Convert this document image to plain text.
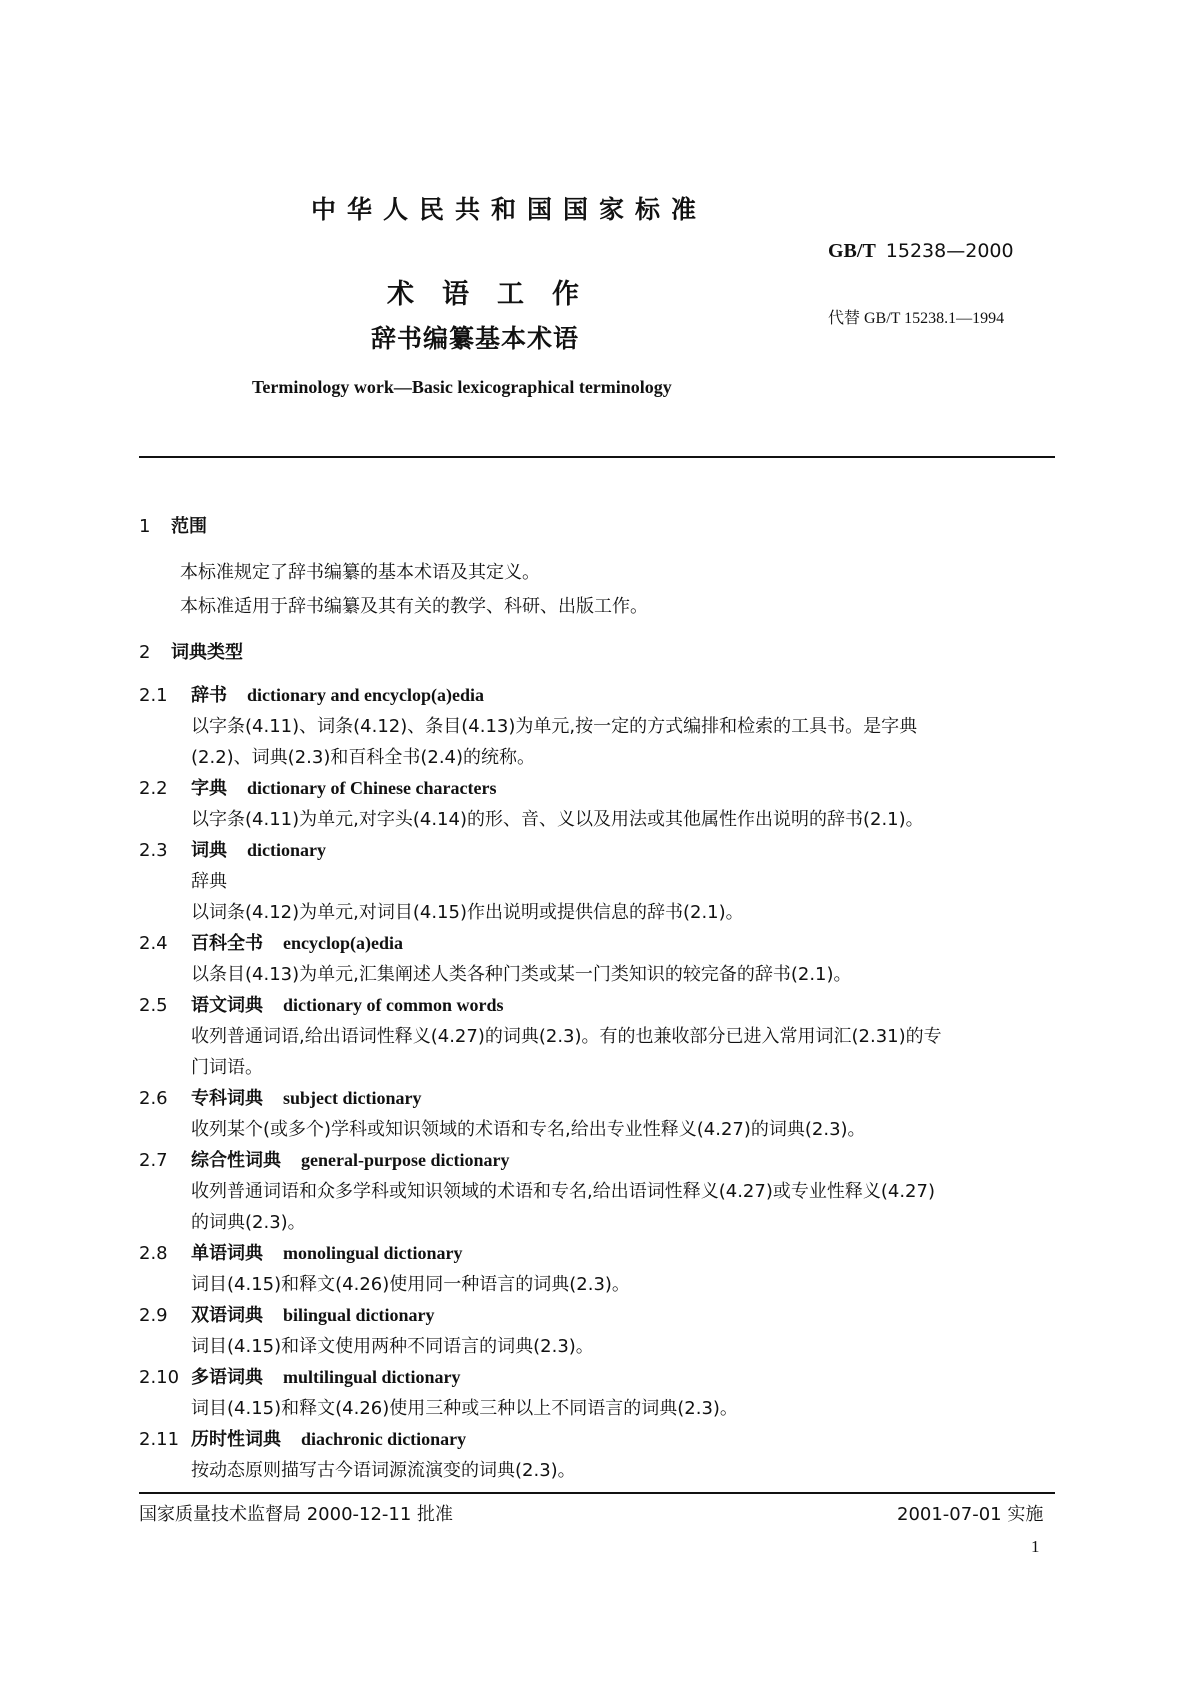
中华人民共和国国家标准
GB/T 15238—2000
代替 GB/T 15238.1—1994
术语工作
辞书编纂基本术语
Terminology work—Basic lexicographical terminology
1 范围
本标准规定了辞书编纂的基本术语及其定义。
本标准适用于辞书编纂及其有关的教学、科研、出版工作。
2 词典类型
2.1 辞书 dictionary and encyclop(a)edia
以字条(4.11)、词条(4.12)、条目(4.13)为单元,按一定的方式编排和检索的工具书。是字典
(2.2)、词典(2.3)和百科全书(2.4)的统称。
2.2 字典 dictionary of Chinese characters
以字条(4.11)为单元,对字头(4.14)的形、音、义以及用法或其他属性作出说明的辞书(2.1)。
2.3 词典 dictionary
辞典
以词条(4.12)为单元,对词目(4.15)作出说明或提供信息的辞书(2.1)。
2.4 百科全书 encyclop(a)edia
以条目(4.13)为单元,汇集阐述人类各种门类或某一门类知识的较完备的辞书(2.1)。
2.5 语文词典 dictionary of common words
收列普通词语,给出语词性释义(4.27)的词典(2.3)。有的也兼收部分已进入常用词汇(2.31)的专
门词语。
2.6 专科词典 subject dictionary
收列某个(或多个)学科或知识领域的术语和专名,给出专业性释义(4.27)的词典(2.3)。
2.7 综合性词典 general-purpose dictionary
收列普通词语和众多学科或知识领域的术语和专名,给出语词性释义(4.27)或专业性释义(4.27)
的词典(2.3)。
2.8 单语词典 monolingual dictionary
词目(4.15)和释文(4.26)使用同一种语言的词典(2.3)。
2.9 双语词典 bilingual dictionary
词目(4.15)和译文使用两种不同语言的词典(2.3)。
2.10 多语词典 multilingual dictionary
词目(4.15)和释文(4.26)使用三种或三种以上不同语言的词典(2.3)。
2.11 历时性词典 diachronic dictionary
按动态原则描写古今语词源流演变的词典(2.3)。
国家质量技术监督局 2000-12-11 批准	2001-07-01 实施
1
